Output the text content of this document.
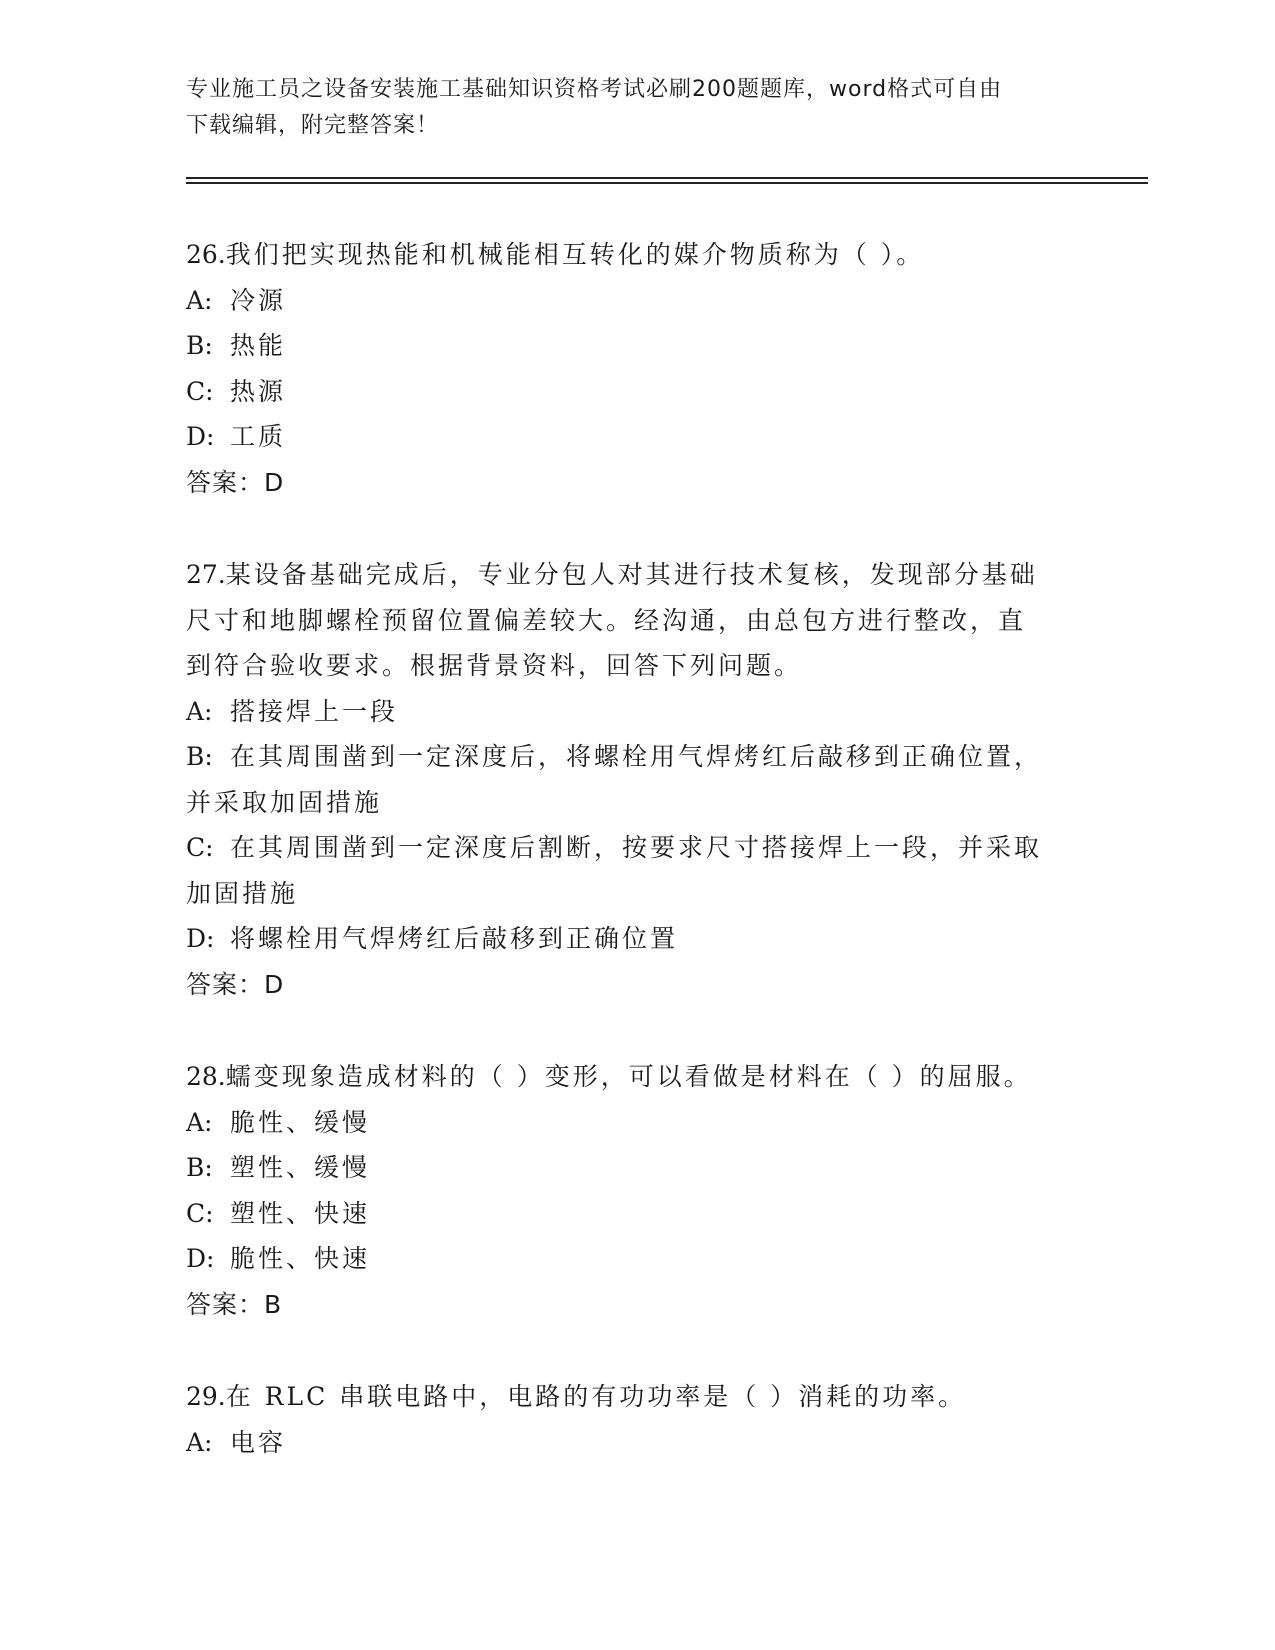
专业施工员之设备安装施工基础知识资格考试必刷200题题库，word格式可自由
下载编辑，附完整答案！
26.我们把实现热能和机械能相互转化的媒介物质称为（ ）。
A: 冷源
B: 热能
C: 热源
D: 工质
答案：D
27.某设备基础完成后，专业分包人对其进行技术复核，发现部分基础
尺寸和地脚螺栓预留位置偏差较大。经沟通，由总包方进行整改，直
到符合验收要求。根据背景资料，回答下列问题。
A: 搭接焊上一段
B: 在其周围凿到一定深度后，将螺栓用气焊烤红后敲移到正确位置，
并采取加固措施
C: 在其周围凿到一定深度后割断，按要求尺寸搭接焊上一段，并采取
加固措施
D: 将螺栓用气焊烤红后敲移到正确位置
答案：D
28.蠕变现象造成材料的（ ）变形，可以看做是材料在（ ）的屈服。
A: 脆性、缓慢
B: 塑性、缓慢
C: 塑性、快速
D: 脆性、快速
答案：B
29.在 RLC 串联电路中，电路的有功功率是（ ）消耗的功率。
A: 电容
